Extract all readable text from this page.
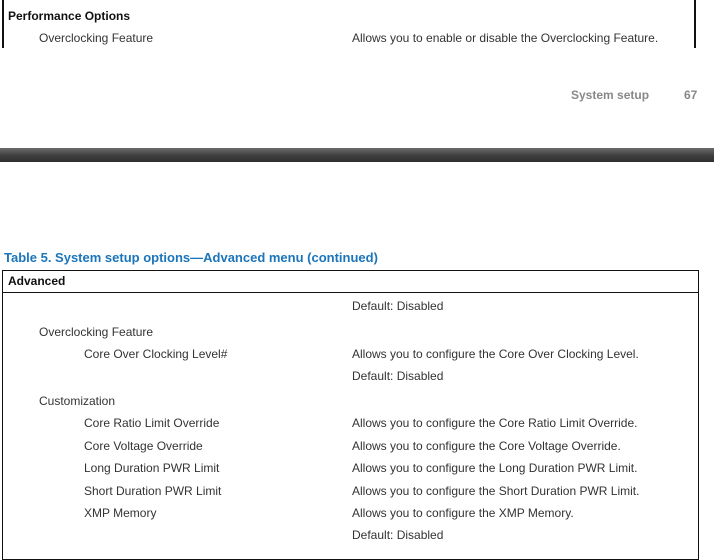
Performance Options
Overclocking Feature	Allows you to enable or disable the Overclocking Feature.
System setup	67
Table 5. System setup options—Advanced menu (continued)
Advanced
Default: Disabled
Overclocking Feature
Core Over Clocking Level#	Allows you to configure the Core Over Clocking Level.
Default: Disabled
Customization
Core Ratio Limit Override	Allows you to configure the Core Ratio Limit Override.
Core Voltage Override	Allows you to configure the Core Voltage Override.
Long Duration PWR Limit	Allows you to configure the Long Duration PWR Limit.
Short Duration PWR Limit	Allows you to configure the Short Duration PWR Limit.
XMP Memory	Allows you to configure the XMP Memory.
Default: Disabled
